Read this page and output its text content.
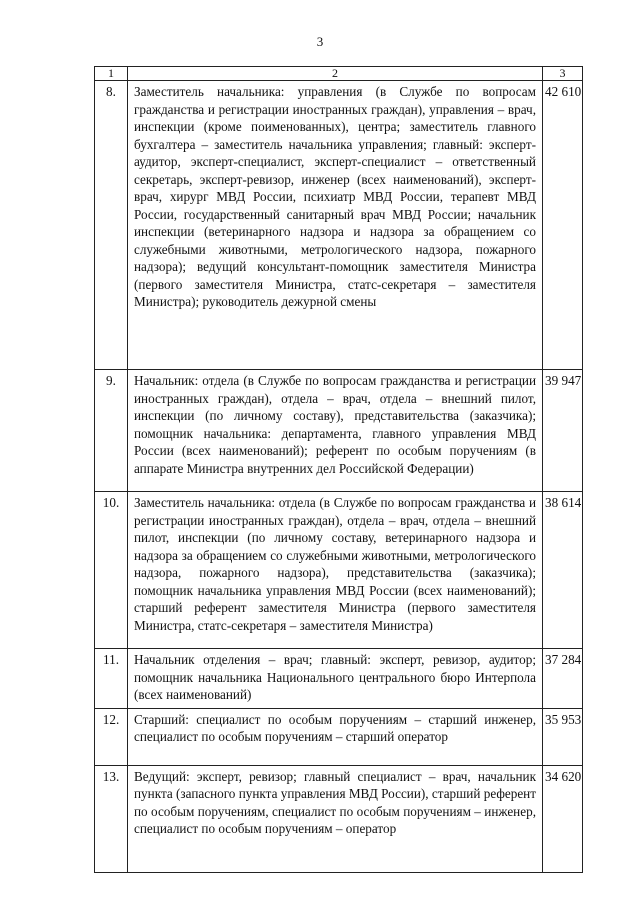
3
1	2	3
8.	Заместитель начальника: управления (в Службе по вопросам гражданства и регистрации иностранных граждан), управления – врач, инспекции (кроме поименованных), центра; заместитель главного бухгалтера – заместитель начальника управления; главный: эксперт-аудитор, эксперт-специалист, эксперт-специалист – ответственный секретарь, эксперт-ревизор, инженер (всех наименований), эксперт-врач, хирург МВД России, психиатр МВД России, терапевт МВД России, государственный санитарный врач МВД России; начальник инспекции (ветеринарного надзора и надзора за обращением со служебными животными, метрологического надзора, пожарного надзора); ведущий консультант-помощник заместителя Министра (первого заместителя Министра, статс-секретаря – заместителя Министра); руководитель дежурной смены	42 610
9.	Начальник: отдела (в Службе по вопросам гражданства и регистрации иностранных граждан), отдела – врач, отдела – внешний пилот, инспекции (по личному составу), представительства (заказчика); помощник начальника: департамента, главного управления МВД России (всех наименований); референт по особым поручениям (в аппарате Министра внутренних дел Российской Федерации)	39 947
10.	Заместитель начальника: отдела (в Службе по вопросам гражданства и регистрации иностранных граждан), отдела – врач, отдела – внешний пилот, инспекции (по личному составу, ветеринарного надзора и надзора за обращением со служебными животными, метрологического надзора, пожарного надзора), представительства (заказчика); помощник начальника управления МВД России (всех наименований); старший референт заместителя Министра (первого заместителя Министра, статс-секретаря – заместителя Министра)	38 614
11.	Начальник отделения – врач; главный: эксперт, ревизор, аудитор; помощник начальника Национального центрального бюро Интерпола (всех наименований)	37 284
12.	Старший: специалист по особым поручениям – старший инженер, специалист по особым поручениям – старший оператор	35 953
13.	Ведущий: эксперт, ревизор; главный специалист – врач, начальник пункта (запасного пункта управления МВД России), старший референт по особым поручениям, специалист по особым поручениям – инженер, специалист по особым поручениям – оператор	34 620
